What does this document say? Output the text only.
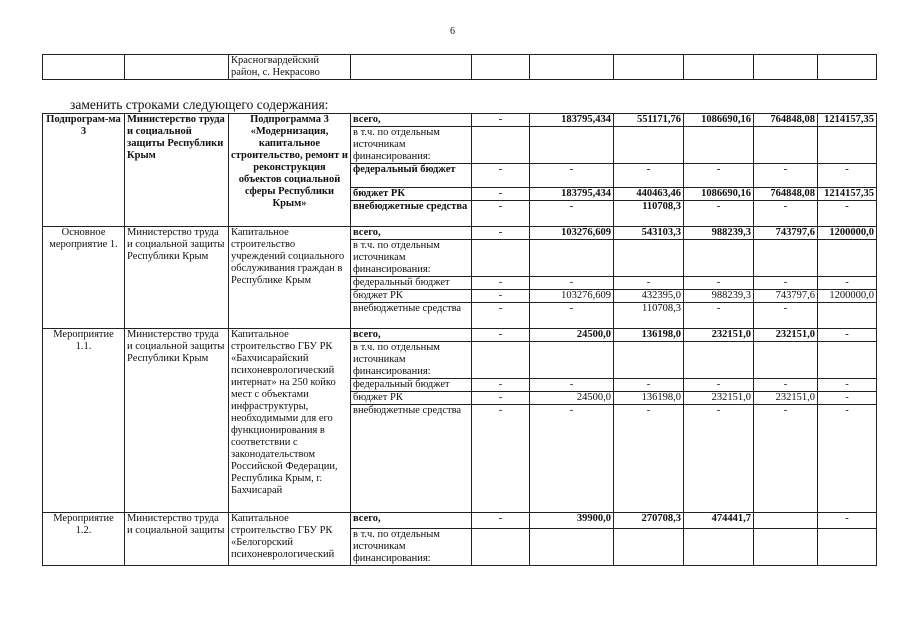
6
		Красногвардейский район, с. Некрасово							
заменить строками следующего содержания:
Подпрограм-ма 3	Министерство труда и социальной защиты Республики Крым	Подпрограмма 3 «Модернизация, капитальное строительство, ремонт и реконструкция объектов социальной сферы Республики Крым»	всего,	-	183795,434	551171,76	1086690,16	764848,08	1214157,35
			в т.ч. по отдельным источникам финансирования:						
			федеральный бюджет	-	-	-	-	-	-
			бюджет РК	-	183795,434	440463,46	1086690,16	764848,08	1214157,35
			внебюджетные средства	-	-	110708,3	-	-	-
Основное мероприятие 1.	Министерство труда и социальной защиты Республики Крым	Капитальное строительство учреждений социального обслуживания граждан в Республике Крым	всего,	-	103276,609	543103,3	988239,3	743797,6	1200000,0
			в т.ч. по отдельным источникам финансирования:						
			федеральный бюджет	-	-	-	-	-	-
			бюджет РК	-	103276,609	432395,0	988239,3	743797,6	1200000,0
			внебюджетные средства	-	-	110708,3	-	-	
Мероприятие 1.1.	Министерство труда и социальной защиты Республики Крым	Капитальное строительство ГБУ РК «Бахчисарайский психоневрологический интернат» на 250 койко мест с объектами инфраструктуры, необходимыми для его функционирования в соответствии с законодательством Российской Федерации, Республика Крым, г. Бахчисарай	всего,	-	24500,0	136198,0	232151,0	232151,0	-
			в т.ч. по отдельным источникам финансирования:						
			федеральный бюджет	-	-	-	-	-	-
			бюджет РК	-	24500,0	136198,0	232151,0	232151,0	-
			внебюджетные средства	-	-	-	-	-	-
Мероприятие 1.2.	Министерство труда и социальной защиты	Капитальное строительство ГБУ РК «Белогорский психоневрологический	всего,	-	39900,0	270708,3	474441,7		-
			в т.ч. по отдельным источникам финансирования:						
